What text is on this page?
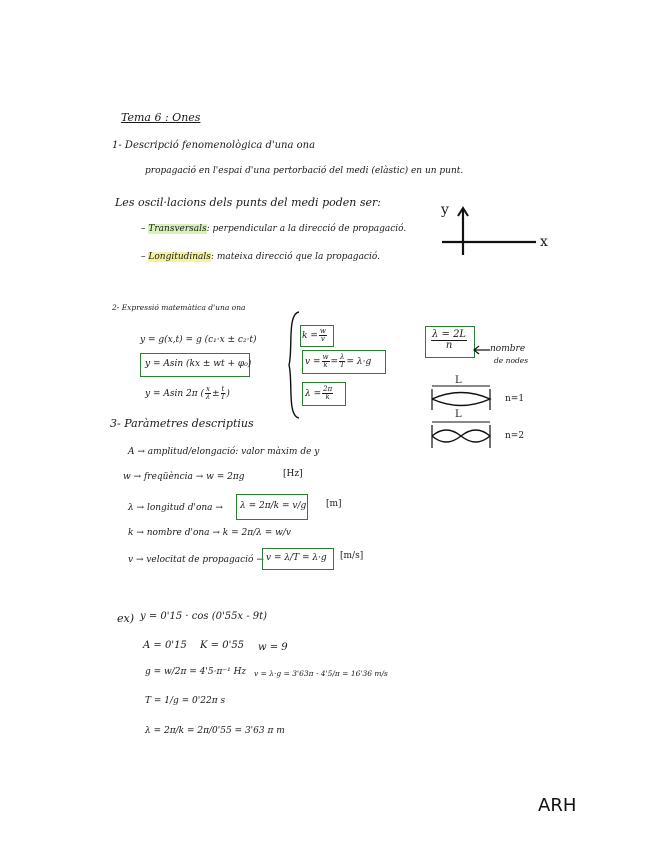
Tema 6 : Ones
1- Descripció fenomenològica d'una ona
propagació en l'espai d'una pertorbació del medi (elàstic) en un punt.
Les oscil·lacions dels punts del medi poden ser:
– Transversals: perpendicular a la direcció de propagació.
– Longitudinals: mateixa direcció que la propagació.
y
x
2- Expressió matemàtica d'una ona
y = g(x,t) = g (c₁·x ± c₂·t)
y = Asin (kx ± wt + φ₀)
y = Asin 2π ( $\frac{x}{\lambda} \pm \frac{t}{T}$ )
$k = \frac{w}{v}$
$v = \frac{w}{k} = \frac{\lambda}{T} = \lambda\cdot g$
$\lambda = \frac{2\pi}{k}$
$\frac{\lambda = 2L}{n}$	nombre
de nodes
L
n=1
L
n=2
3- Paràmetres descriptius
A → amplitud/elongació: valor màxim de y
w → freqüència → w = 2πg	[Hz]
λ → longitud d'ona → λ = 2π/k = v/g [m]
k → nombre d'ona → k = 2π/λ = w/v
v → velocitat de propagació → v = λ/T = λ·g [m/s]
ex) y = 0'15 · cos (0'55x - 9t)
A = 0'15 K = 0'55 w = 9
g = w/2π = 4'5·π⁻¹ Hz v = λ·g = 3'63π · 4'5/π = 16'36 m/s
T = 1/g = 0'22π s
λ = 2π/k = 2π/0'55 = 3'63 π m
ARH
